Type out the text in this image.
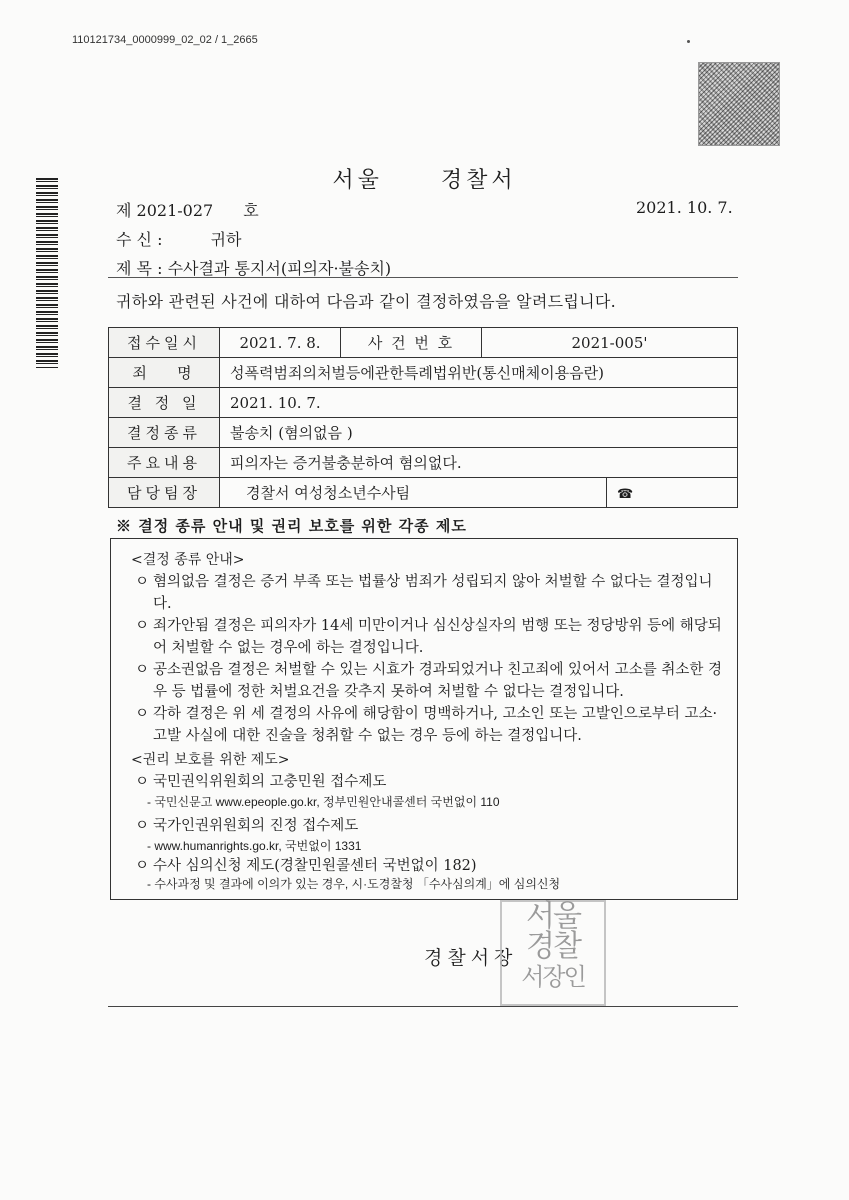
110121734_0000999_02_02 / 1_2665
서울	경찰서
제 2021-027 호	2021. 10. 7.
수 신 :	귀하
제 목 : 수사결과 통지서(피의자·불송치)
귀하와 관련된 사건에 대하여 다음과 같이 결정하였음을 알려드립니다.
접수일시	2021. 7. 8.	사 건 번 호	2021-005'	
죄   명	성폭력범죄의처벌등에관한특례법위반(통신매체이용음란)			
결 정 일	2021. 10. 7.			
결정종류	불송치 (혐의없음 )			
주요내용	피의자는 증거불충분하여 혐의없다.			
담당팀장	경찰서 여성청소년수사팀			☎
※ 결정 종류 안내 및 권리 보호를 위한 각종 제도
<결정 종류 안내>
ㅇ 혐의없음 결정은 증거 부족 또는 법률상 범죄가 성립되지 않아 처벌할 수 없다는 결정입니다.
ㅇ 죄가안됨 결정은 피의자가 14세 미만이거나 심신상실자의 범행 또는 정당방위 등에 해당되어 처벌할 수 없는 경우에 하는 결정입니다.
ㅇ 공소권없음 결정은 처벌할 수 있는 시효가 경과되었거나 친고죄에 있어서 고소를 취소한 경우 등 법률에 정한 처벌요건을 갖추지 못하여 처벌할 수 없다는 결정입니다.
ㅇ 각하 결정은 위 세 결정의 사유에 해당함이 명백하거나, 고소인 또는 고발인으로부터 고소·고발 사실에 대한 진술을 청취할 수 없는 경우 등에 하는 결정입니다.
<권리 보호를 위한 제도>
ㅇ 국민권익위원회의 고충민원 접수제도
- 국민신문고 www.epeople.go.kr, 정부민원안내콜센터 국번없이 110
ㅇ 국가인권위원회의 진정 접수제도
- www.humanrights.go.kr, 국번없이 1331
ㅇ 수사 심의신청 제도(경찰민원콜센터 국번없이 182)
- 수사과정 및 결과에 이의가 있는 경우, 시·도경찰청 「수사심의계」에 심의신청
경찰서장
서울
경찰
서장인
